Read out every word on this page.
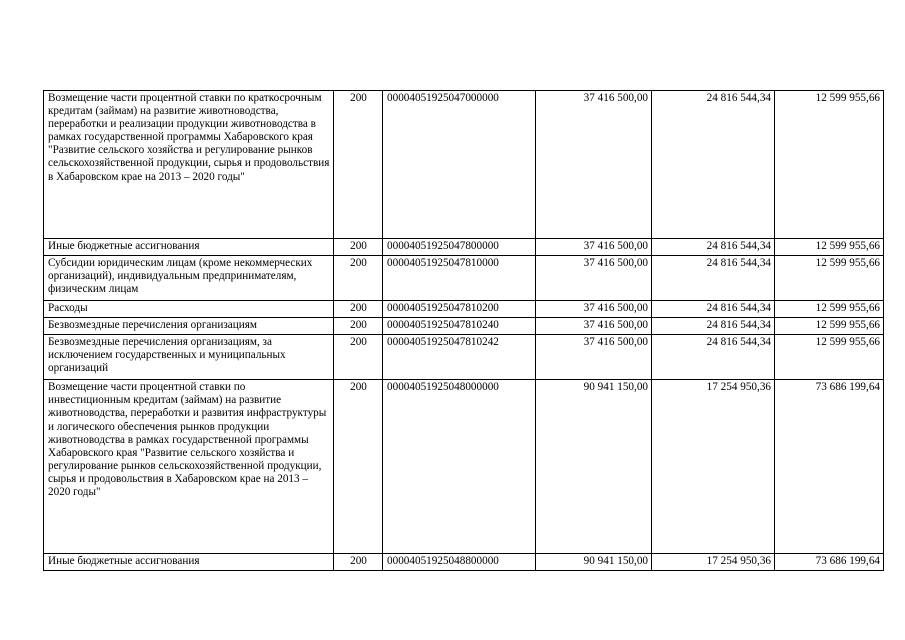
Возмещение части процентной ставки по краткосрочным кредитам (займам) на развитие животноводства, переработки и реализации продукции животноводства в рамках государственной программы Хабаровского края "Развитие сельского хозяйства и регулирование рынков сельскохозяйственной продукции, сырья и продовольствия в Хабаровском крае на 2013 – 2020 годы"	200	00004051925047000000	37 416 500,00	24 816 544,34	12 599 955,66
Иные бюджетные ассигнования	200	00004051925047800000	37 416 500,00	24 816 544,34	12 599 955,66
Субсидии юридическим лицам (кроме некоммерческих организаций), индивидуальным предпринимателям, физическим лицам	200	00004051925047810000	37 416 500,00	24 816 544,34	12 599 955,66
Расходы	200	00004051925047810200	37 416 500,00	24 816 544,34	12 599 955,66
Безвозмездные перечисления организациям	200	00004051925047810240	37 416 500,00	24 816 544,34	12 599 955,66
Безвозмездные перечисления организациям, за исключением государственных и муниципальных организаций	200	00004051925047810242	37 416 500,00	24 816 544,34	12 599 955,66
Возмещение части процентной ставки по инвестиционным кредитам (займам) на развитие животноводства, переработки и развития инфраструктуры и логического обеспечения рынков продукции животноводства в рамках государственной программы Хабаровского края "Развитие сельского хозяйства и регулирование рынков сельскохозяйственной продукции, сырья и продовольствия в Хабаровском крае на 2013 – 2020 годы"	200	00004051925048000000	90 941 150,00	17 254 950,36	73 686 199,64
Иные бюджетные ассигнования	200	00004051925048800000	90 941 150,00	17 254 950,36	73 686 199,64
